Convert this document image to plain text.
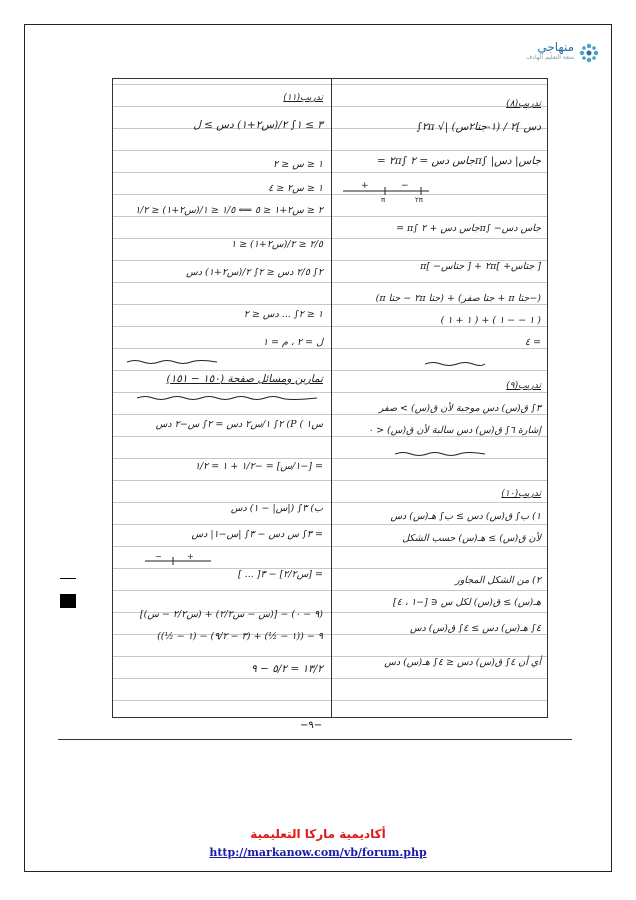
منهاجي
متعة التعليم الهادف
تدريب(٨)
دس ]٢ / (١-جتا٢س) |√ ٢π∫
= ٢π∫ جاس دس = ٢π∫ |جاس| دس
+	−
π	٢π
= π∫ جاس دس + ٢π∫ −جاس دس
π[ −جتاس ] + ٢π[ +جتاس ]
(−جتا π + جتا صفر) + (جتا ٢π − جتا π)
( ١ + ١ ) + ( ١ − − ١ )
٤ =
تدريب(٩)
٣∫ ق(س) دس موجبة لأن ق(س) > صفر
إشارة ٦∫ ق(س) دس سالبة لأن ق(س) < ٠
تدريب(١٠)
١) ب∫ ق(س) دس ≥ ب∫ هـ(س) دس
لأن ق(س) ≥ هـ(س) حسب الشكل
٢) من الشكل المجاور
هـ(س) ≥ ق(س) لكل س ∈ [−١ ، ٤]
٤∫ هـ(س) دس ≥ ٤∫ ق(س) دس
أي أن ٤∫ ق(س) دس ≤ ٤∫ هـ(س) دس
تدريب(١١)
٣ ≥ ١∫ ٢/(س٢+١) دس ≥ ل
١ ≤ س ≤ ٢
١ ≤ س٢ ≤ ٤
٢ ≤ س٢+١ ≤ ٥ ⟸ ١/٥ ≤ ١/(س٢+١) ≤ ١/٢
٢/٥ ≤ ٢/(س٢+١) ≤ ١
٢∫ ٢/٥ دس ≤ ٢∫ ٢/(س٢+١) دس
١ ≤ ٢∫ ... دس ≤ ٢
ل = ٢ ، م = ١
تمارين ومسائل صفحة (١٥٠ − ١٥١)
س١ ) P) ٢∫ ١/س٢ دس = ٢∫ س−٢ دس
= [−١/س] = −١/٢ + ١ = ١/٢
ب) ٣∫ (|س| − ١) دس
= ٣∫ س دس − ٣∫ |س−١| دس
−	+
= [س٢/٢] − ٣[ ... ]
(٩ − ٠) − [(س − س٢/٢) + (س٢/٢ − س)]
٩ − ((١ − ½) + (٣ − ٩/٢) − (١ − ½))
١٣/٢ = ٥/٢ − ٩
−٩−
أكاديمية ماركا التعليمية
http://markanow.com/vb/forum.php
